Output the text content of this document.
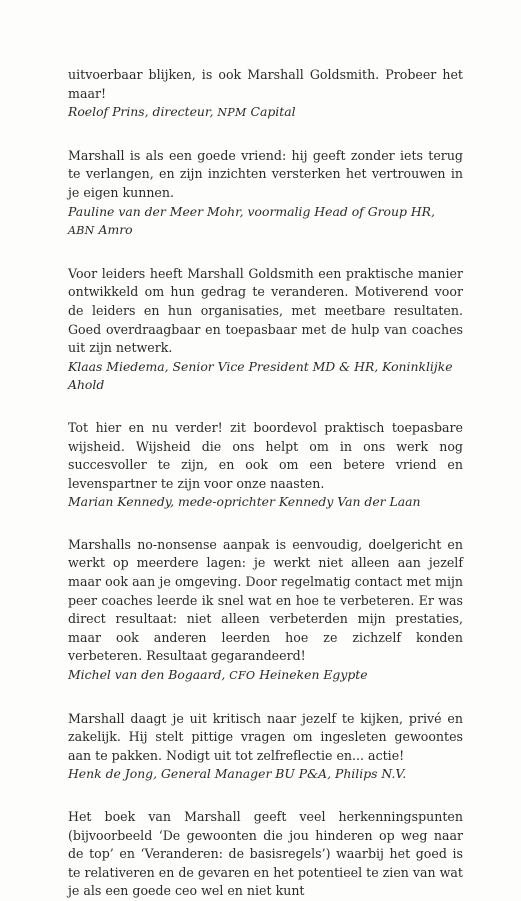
uitvoerbaar blijken, is ook Marshall Goldsmith. Probeer het maar!

Roelof Prins, directeur, NPM Capital

Marshall is als een goede vriend: hij geeft zonder iets terug te verlangen, en zijn inzichten versterken het vertrouwen in je eigen kunnen.

Pauline van der Meer Mohr, voormalig Head of Group HR, ABN Amro

Voor leiders heeft Marshall Goldsmith een praktische manier ontwikkeld om hun gedrag te veranderen. Motiverend voor de leiders en hun organisaties, met meetbare resultaten. Goed overdraagbaar en toepasbaar met de hulp van coaches uit zijn netwerk.

Klaas Miedema, Senior Vice President MD & HR, Koninklijke Ahold

Tot hier en nu verder! zit boordevol praktisch toepasbare wijsheid. Wijsheid die ons helpt om in ons werk nog succesvoller te zijn, en ook om een betere vriend en levenspartner te zijn voor onze naasten.

Marian Kennedy, mede-oprichter Kennedy Van der Laan

Marshalls no-nonsense aanpak is eenvoudig, doelgericht en werkt op meerdere lagen: je werkt niet alleen aan jezelf maar ook aan je omgeving. Door regelmatig contact met mijn peer coaches leerde ik snel wat en hoe te verbeteren. Er was direct resultaat: niet alleen verbeterden mijn prestaties, maar ook anderen leerden hoe ze zichzelf konden verbeteren. Resultaat gegarandeerd!

Michel van den Bogaard, CFO Heineken Egypte

Marshall daagt je uit kritisch naar jezelf te kijken, privé en zakelijk. Hij stelt pittige vragen om ingesleten gewoontes aan te pakken. Nodigt uit tot zelfreflectie en... actie!

Henk de Jong, General Manager BU P&A, Philips N.V.

Het boek van Marshall geeft veel herkenningspunten (bijvoorbeeld ‘De gewoonten die jou hinderen op weg naar de top’ en ‘Veranderen: de basisregels’) waarbij het goed is te relativeren en de gevaren en het potentieel te zien van wat je als een goede ceo wel en niet kunt
